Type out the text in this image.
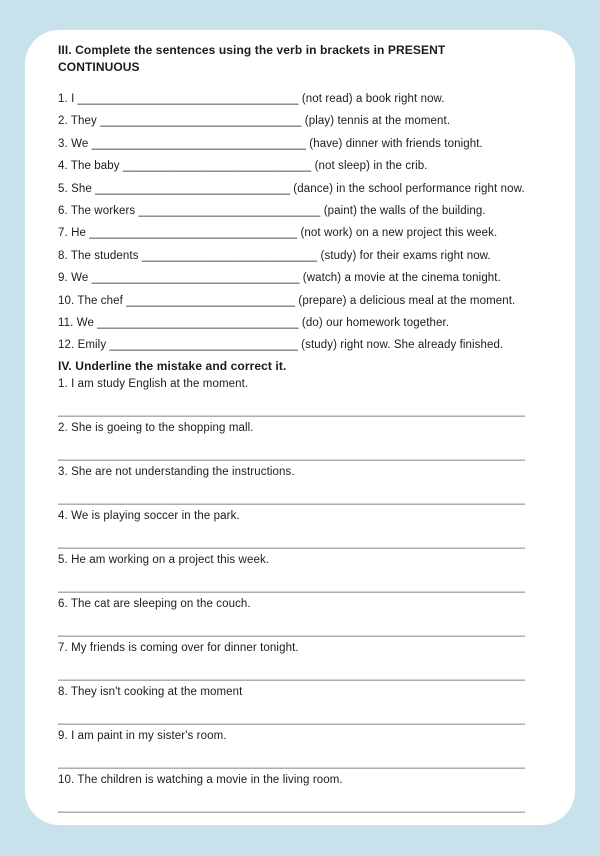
III. Complete the sentences using the verb in brackets in PRESENT CONTINUOUS
1. I __________________________________ (not read) a book right now.
2. They _______________________________ (play) tennis at the moment.
3. We _________________________________ (have) dinner with friends tonight.
4. The baby _____________________________ (not sleep) in the crib.
5. She ______________________________ (dance) in the school performance right now.
6. The workers ____________________________ (paint) the walls of the building.
7. He ________________________________ (not work) on a new project this week.
8. The students ___________________________ (study) for their exams right now.
9. We ________________________________ (watch) a movie at the cinema tonight.
10. The chef __________________________ (prepare) a delicious meal at the moment.
11. We _______________________________ (do) our homework together.
12. Emily _____________________________ (study) right now. She already finished.
IV. Underline the mistake and correct it.
1. I am study English at the moment.
_________________________________________________________________________
2. She is goeing to the shopping mall.
_________________________________________________________________________
3. She are not understanding the instructions.
_________________________________________________________________________
4. We is playing soccer in the park.
_________________________________________________________________________
5. He am working on a project this week.
_________________________________________________________________________
6. The cat are sleeping on the couch.
_________________________________________________________________________
7. My friends is coming over for dinner tonight.
_________________________________________________________________________
8. They isn't cooking at the moment
_________________________________________________________________________
9. I am paint in my sister's room.
_________________________________________________________________________
10. The children is watching a movie in the living room.
_________________________________________________________________________
